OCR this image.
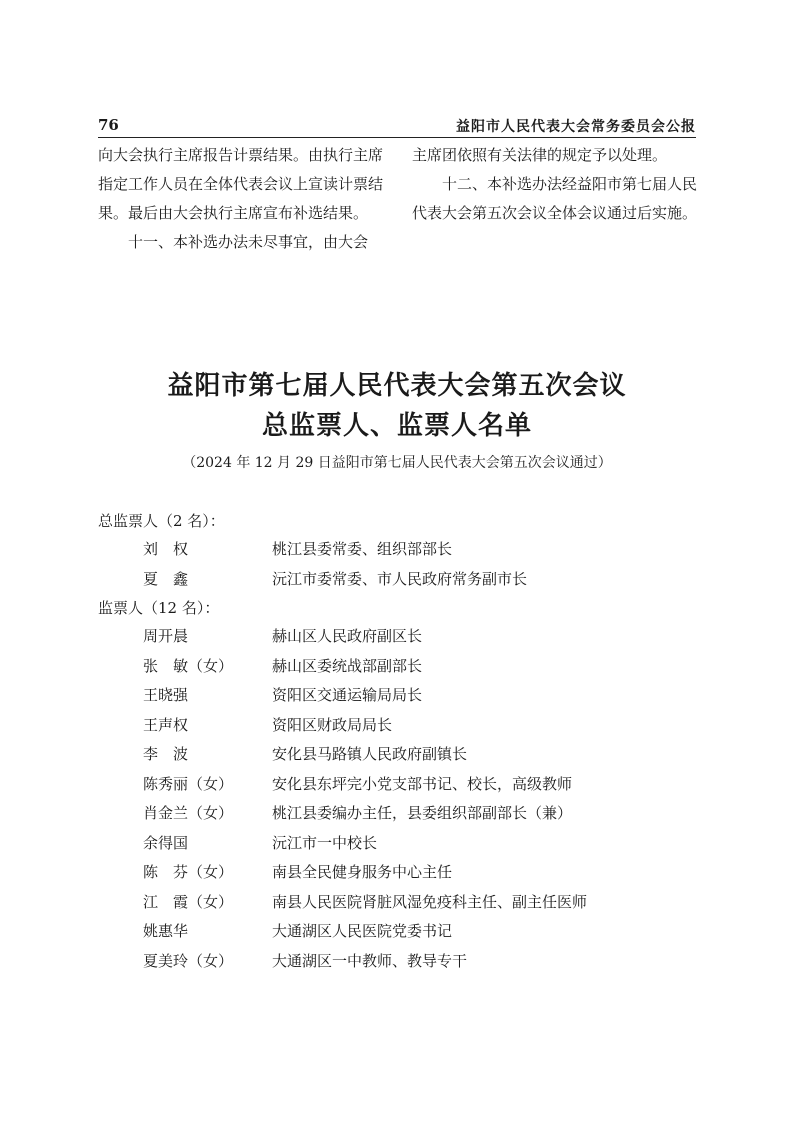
76	益阳市人民代表大会常务委员会公报

向大会执行主席报告计票结果。由执行主席指定工作人员在全体代表会议上宣读计票结果。最后由大会执行主席宣布补选结果。

十一、本补选办法未尽事宜，由大会

主席团依照有关法律的规定予以处理。

十二、本补选办法经益阳市第七届人民代表大会第五次会议全体会议通过后实施。

益阳市第七届人民代表大会第五次会议
总监票人、监票人名单
（2024 年 12 月 29 日益阳市第七届人民代表大会第五次会议通过）
总监票人（2 名）：
刘　权	桃江县委常委、组织部部长
夏　鑫	沅江市委常委、市人民政府常务副市长
监票人（12 名）：
周开晨	赫山区人民政府副区长
张　敏（女）	赫山区委统战部副部长
王晓强	资阳区交通运输局局长
王声权	资阳区财政局局长
李　波	安化县马路镇人民政府副镇长
陈秀丽（女）	安化县东坪完小党支部书记、校长，高级教师
肖金兰（女）	桃江县委编办主任，县委组织部副部长（兼）
余得国	沅江市一中校长
陈　芬（女）	南县全民健身服务中心主任
江　霞（女）	南县人民医院肾脏风湿免疫科主任、副主任医师
姚惠华	大通湖区人民医院党委书记
夏美玲（女）	大通湖区一中教师、教导专干
